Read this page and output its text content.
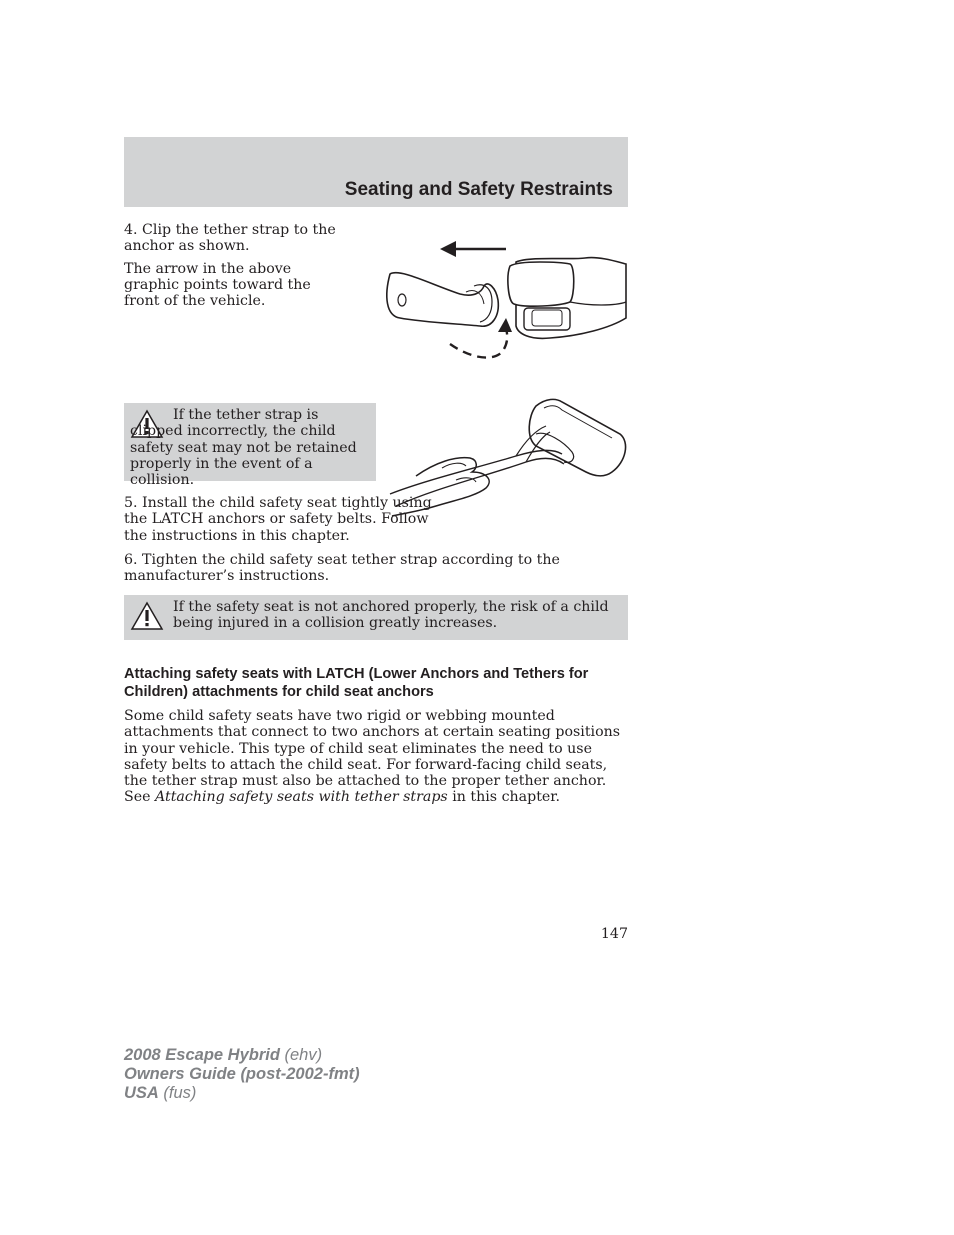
Seating and Safety Restraints

4. Clip the tether strap to the anchor as shown.

The arrow in the above graphic points toward the front of the vehicle.

If the tether strap is clipped incorrectly, the child safety seat may not be retained properly in the event of a collision.

5. Install the child safety seat tightly using the LATCH anchors or safety belts. Follow the instructions in this chapter.

6. Tighten the child safety seat tether strap according to the manufacturer’s instructions.

If the safety seat is not anchored properly, the risk of a child being injured in a collision greatly increases.

Attaching safety seats with LATCH (Lower Anchors and Tethers for Children) attachments for child seat anchors

Some child safety seats have two rigid or webbing mounted attachments that connect to two anchors at certain seating positions in your vehicle. This type of child seat eliminates the need to use safety belts to attach the child seat. For forward-facing child seats, the tether strap must also be attached to the proper tether anchor. See Attaching safety seats with tether straps in this chapter.

147
2008 Escape Hybrid (ehv)
Owners Guide (post-2002-fmt)
USA (fus)
